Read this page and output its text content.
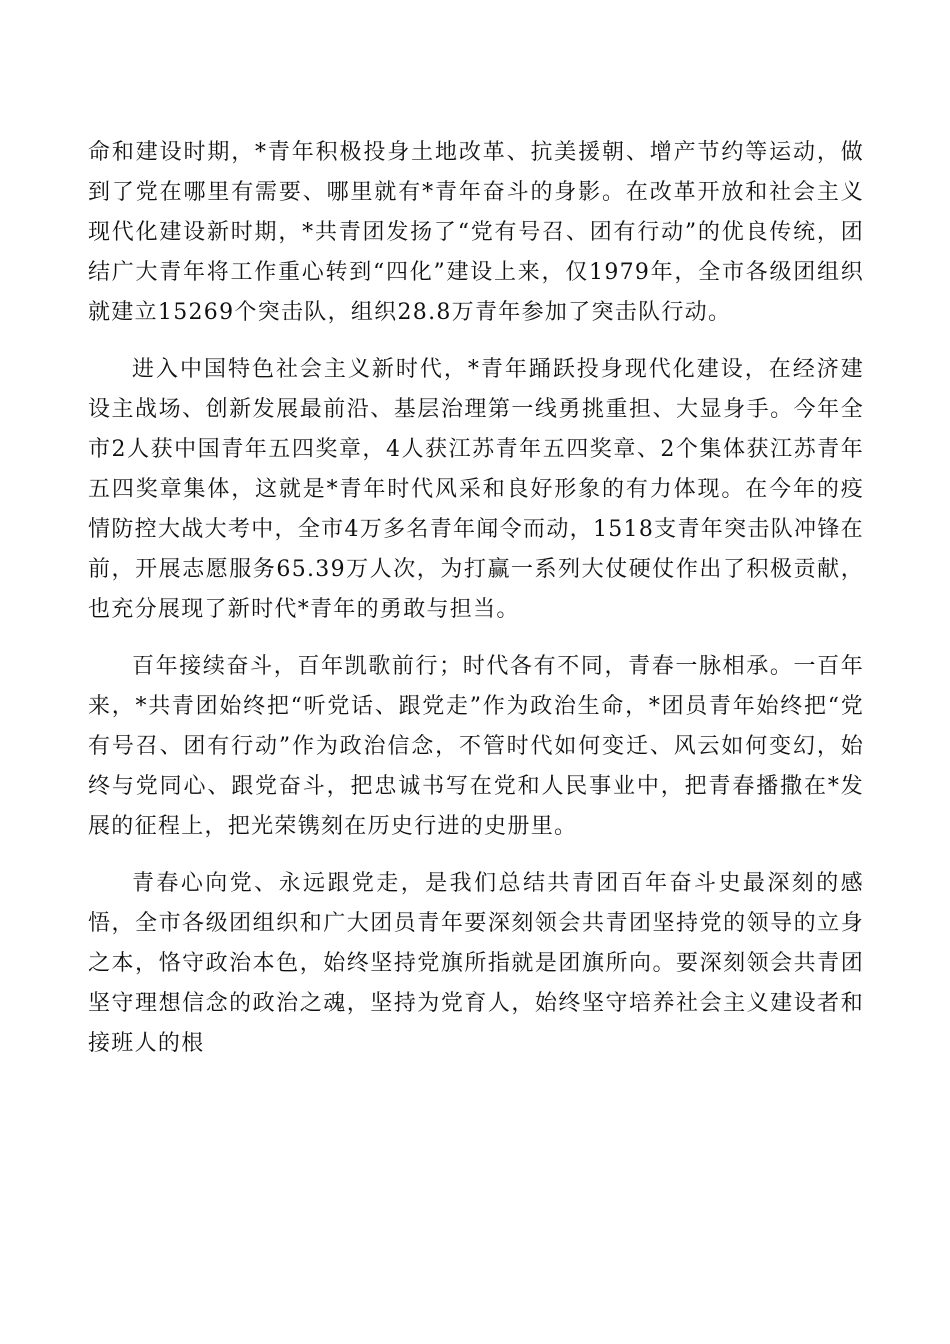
命和建设时期，*青年积极投身土地改革、抗美援朝、增产节约等运动，做到了党在哪里有需要、哪里就有*青年奋斗的身影。在改革开放和社会主义现代化建设新时期，*共青团发扬了“党有号召、团有行动”的优良传统，团结广大青年将工作重心转到“四化”建设上来，仅1979年，全市各级团组织就建立15269个突击队，组织28.8万青年参加了突击队行动。

进入中国特色社会主义新时代，*青年踊跃投身现代化建设，在经济建设主战场、创新发展最前沿、基层治理第一线勇挑重担、大显身手。今年全市2人获中国青年五四奖章，4人获江苏青年五四奖章、2个集体获江苏青年五四奖章集体，这就是*青年时代风采和良好形象的有力体现。在今年的疫情防控大战大考中，全市4万多名青年闻令而动，1518支青年突击队冲锋在前，开展志愿服务65.39万人次，为打赢一系列大仗硬仗作出了积极贡献，也充分展现了新时代*青年的勇敢与担当。

百年接续奋斗，百年凯歌前行；时代各有不同，青春一脉相承。一百年来，*共青团始终把“听党话、跟党走”作为政治生命，*团员青年始终把“党有号召、团有行动”作为政治信念，不管时代如何变迁、风云如何变幻，始终与党同心、跟党奋斗，把忠诚书写在党和人民事业中，把青春播撒在*发展的征程上，把光荣镌刻在历史行进的史册里。

青春心向党、永远跟党走，是我们总结共青团百年奋斗史最深刻的感悟，全市各级团组织和广大团员青年要深刻领会共青团坚持党的领导的立身之本，恪守政治本色，始终坚持党旗所指就是团旗所向。要深刻领会共青团坚守理想信念的政治之魂，坚持为党育人，始终坚守培养社会主义建设者和接班人的根
